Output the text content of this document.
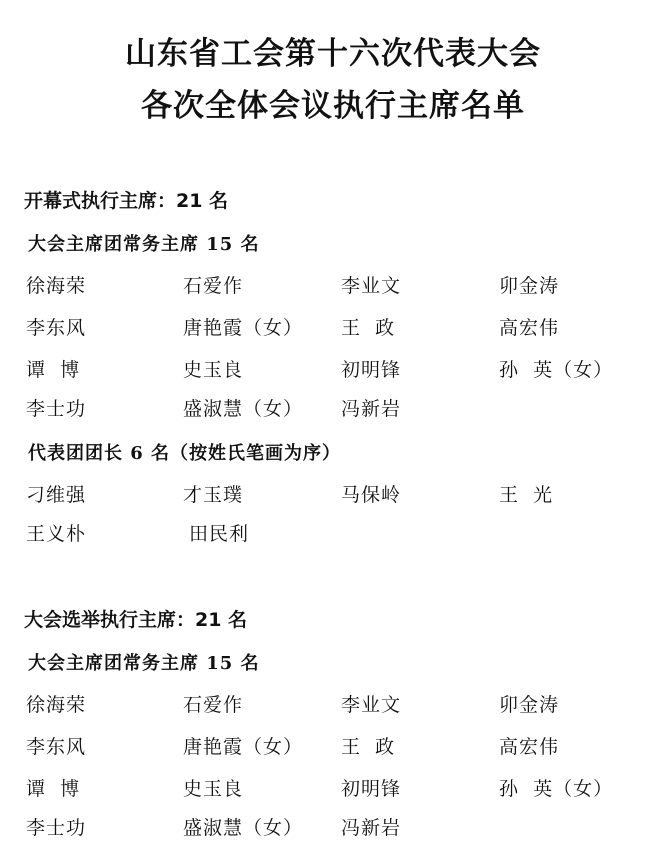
山东省工会第十六次代表大会
各次全体会议执行主席名单
开幕式执行主席：21 名
大会主席团常务主席 15 名
徐海荣	石爱作	李业文	卯金涛
李东风	唐艳霞（女） 王  政	高宏伟
谭  博	史玉良	初明锋	孙  英（女）
李士功	盛淑慧（女） 冯新岩
代表团团长 6 名（按姓氏笔画为序）
刁维强	才玉璞	马保岭	王  光
王义朴	田民利
大会选举执行主席：21 名
大会主席团常务主席 15 名
徐海荣	石爱作	李业文	卯金涛
李东风	唐艳霞（女） 王  政	高宏伟
谭  博	史玉良	初明锋	孙  英（女）
李士功	盛淑慧（女） 冯新岩
